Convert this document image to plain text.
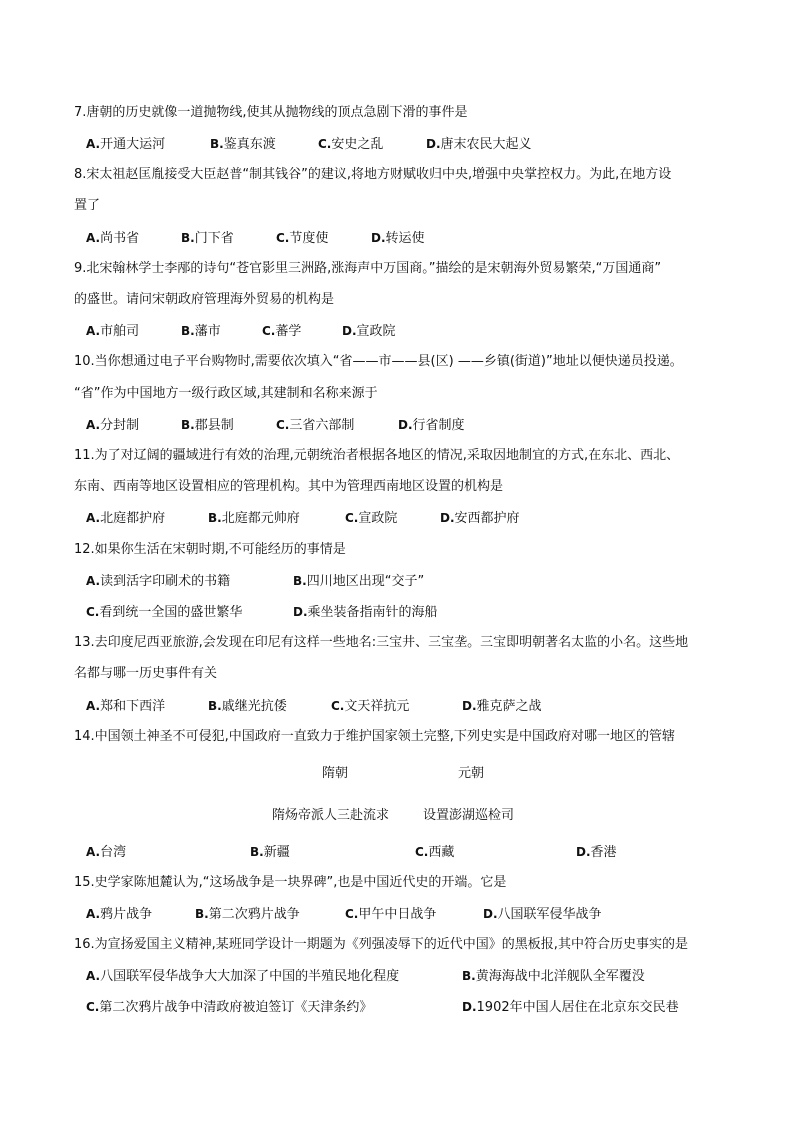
7.唐朝的历史就像一道抛物线,使其从抛物线的顶点急剧下滑的事件是
A.开通大运河	B.鉴真东渡	C.安史之乱	D.唐末农民大起义
8.宋太祖赵匡胤接受大臣赵普“制其钱谷”的建议,将地方财赋收归中央,增强中央掌控权力。为此,在地方设
置了
A.尚书省	B.门下省	C.节度使	D.转运使
9.北宋翰林学士李邴的诗句“苍官影里三洲路,涨海声中万国商。”描绘的是宋朝海外贸易繁荣,“万国通商”
的盛世。请问宋朝政府管理海外贸易的机构是
A.市舶司	B.藩市	C.蕃学	D.宣政院
10.当你想通过电子平台购物时,需要依次填入“省——市——县(区) ——乡镇(街道)”地址以便快递员投递。
“省”作为中国地方一级行政区域,其建制和名称来源于
A.分封制	B.郡县制	C.三省六部制	D.行省制度
11.为了对辽阔的疆域进行有效的治理,元朝统治者根据各地区的情况,采取因地制宜的方式,在东北、西北、
东南、西南等地区设置相应的管理机构。其中为管理西南地区设置的机构是
A.北庭都护府	B.北庭都元帅府	C.宣政院	D.安西都护府
12.如果你生活在宋朝时期,不可能经历的事情是
A.读到活字印刷术的书籍	B.四川地区出现“交子”
C.看到统一全国的盛世繁华	D.乘坐装备指南针的海船
13.去印度尼西亚旅游,会发现在印尼有这样一些地名:三宝井、三宝垄。三宝即明朝著名太监的小名。这些地
名都与哪一历史事件有关
A.郑和下西洋	B.戚继光抗倭	C.文天祥抗元	D.雅克萨之战
14.中国领土神圣不可侵犯,中国政府一直致力于维护国家领土完整,下列史实是中国政府对哪一地区的管辖
隋朝	元朝
隋炀帝派人三赴流求	设置澎湖巡检司
A.台湾	B.新疆	C.西藏	D.香港
15.史学家陈旭麓认为,“这场战争是一块界碑”,也是中国近代史的开端。它是
A.鸦片战争	B.第二次鸦片战争	C.甲午中日战争	D.八国联军侵华战争
16.为宣扬爱国主义精神,某班同学设计一期题为《列强凌辱下的近代中国》的黑板报,其中符合历史事实的是
A.八国联军侵华战争大大加深了中国的半殖民地化程度	B.黄海海战中北洋舰队全军覆没
C.第二次鸦片战争中清政府被迫签订《天津条约》	D.1902年中国人居住在北京东交民巷
